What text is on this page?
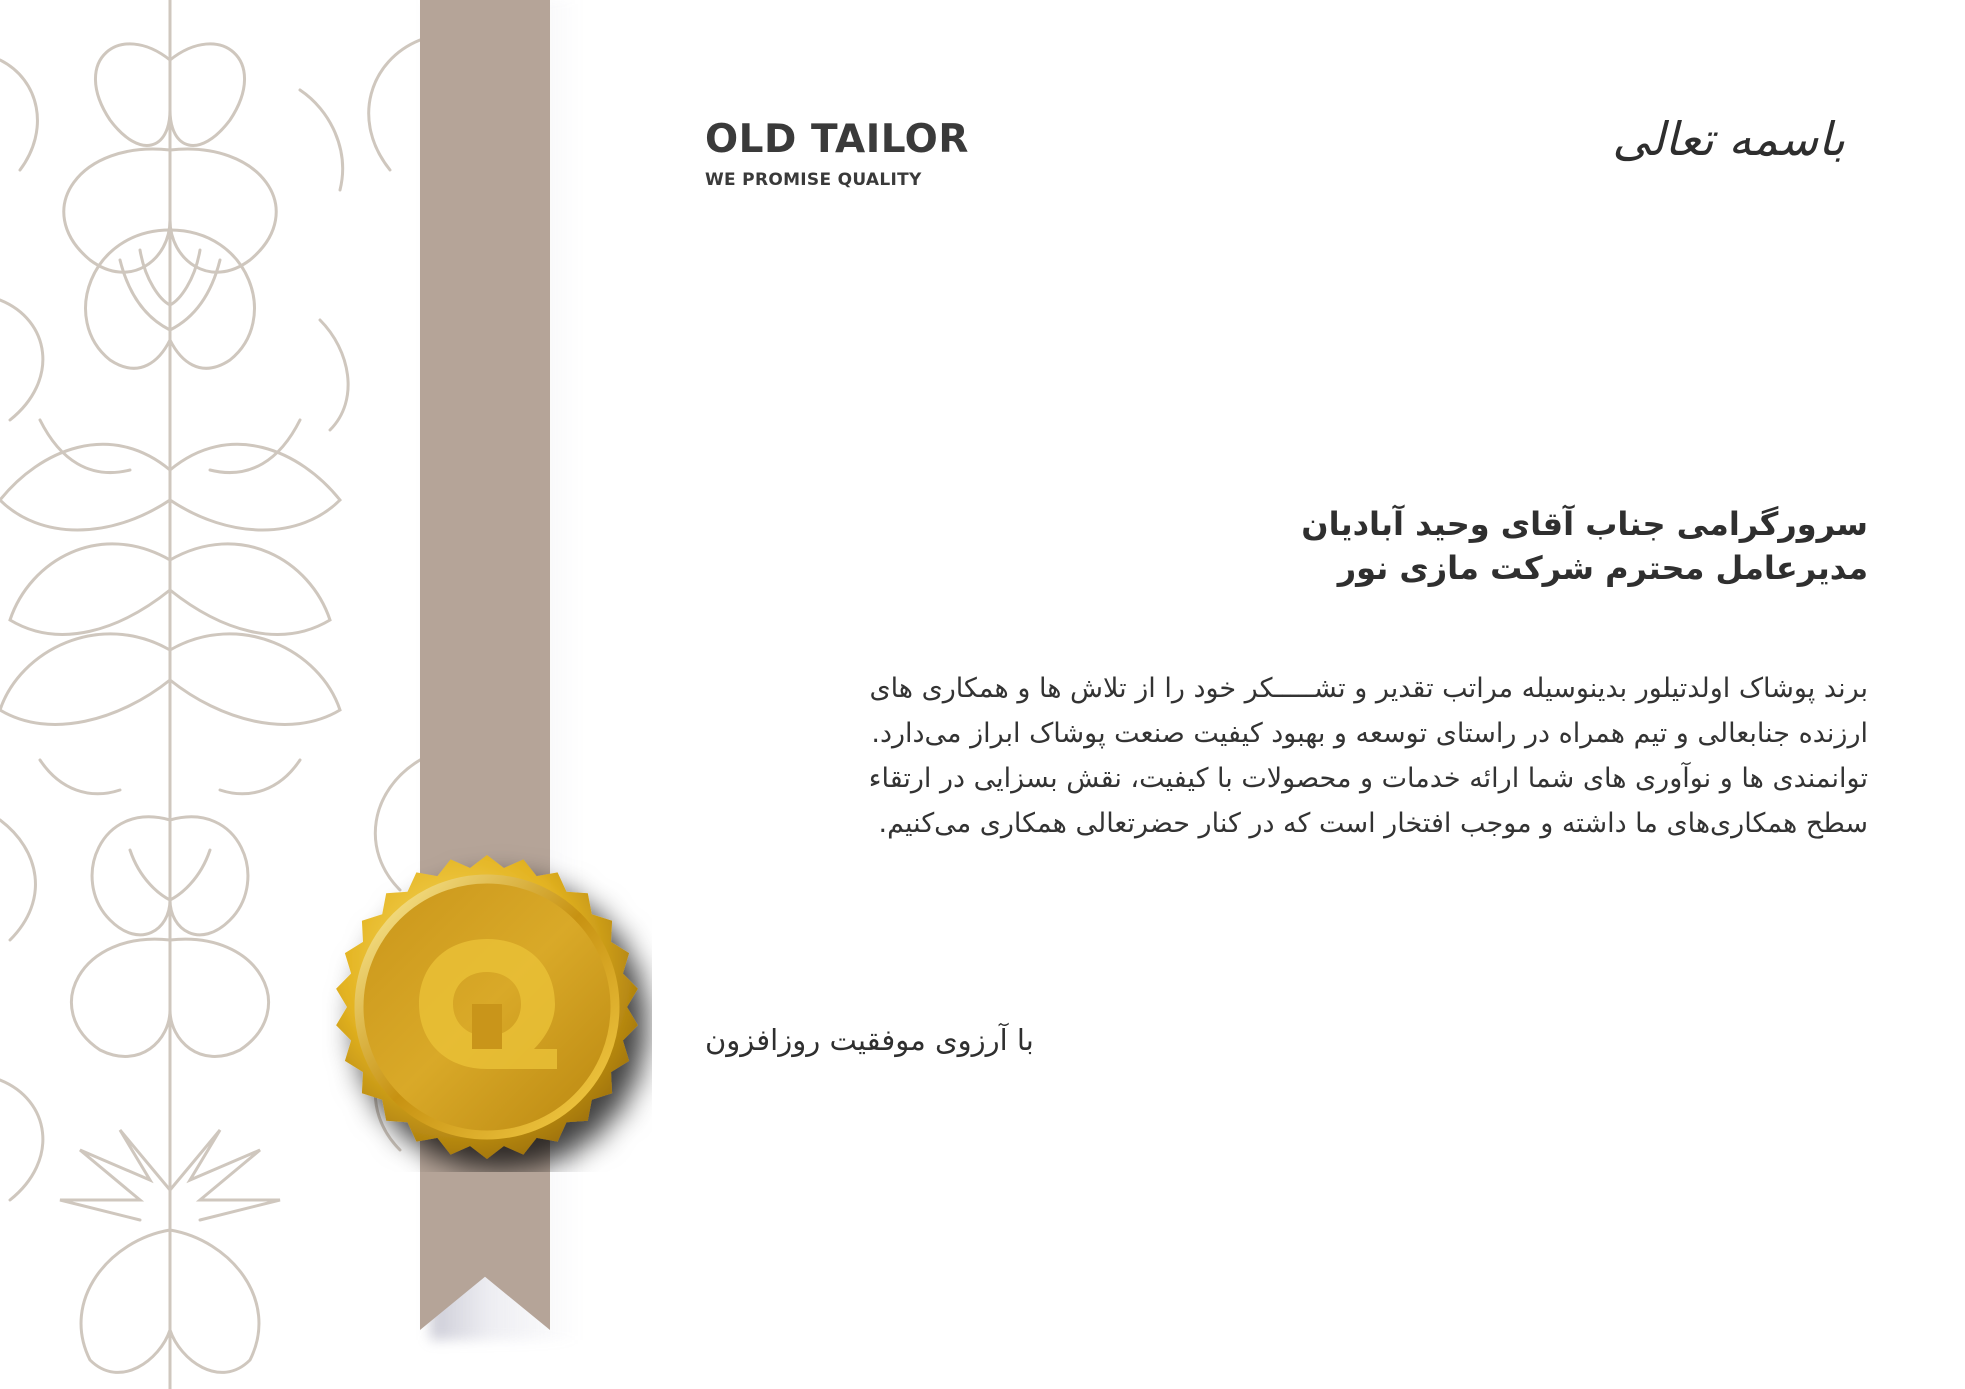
OLD TAILOR
WE PROMISE QUALITY
باسمه تعالی
سرورگرامی جناب آقای وحید آبادیان
مدیرعامل محترم شرکت مازی نور
برند پوشاک اولدتیلور بدینوسیله مراتب تقدیر و تشـــــکر خود را از تلاش ها و همکاری های
ارزنده جنابعالی و تیم همراه در راستای توسعه و بهبود کیفیت صنعت پوشاک ابراز می‌دارد.
توانمندی ها و نوآوری های شما ارائه خدمات و محصولات با کیفیت، نقش بسزایی در ارتقاء
سطح همکاری‌های ما داشته و موجب افتخار است که در کنار حضرتعالی همکاری می‌کنیم.
با آرزوی موفقیت روزافزون
